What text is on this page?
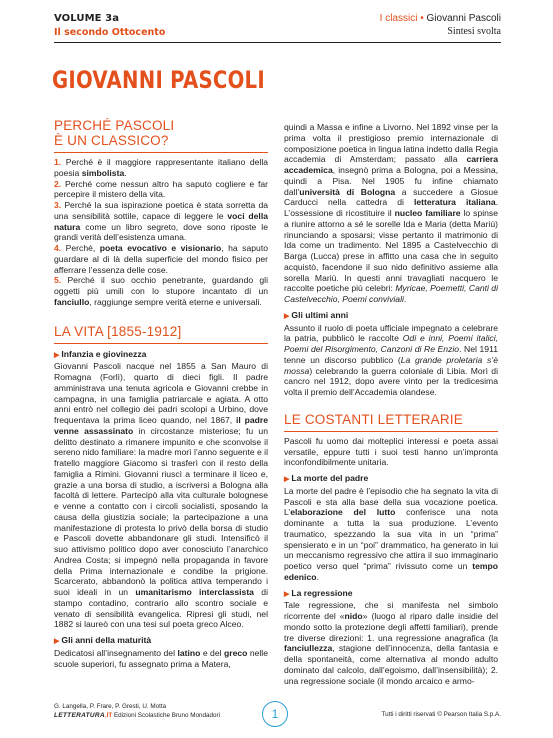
VOLUME 3a
Il secondo Ottocento
I classici • Giovanni Pascoli
Sintesi svolta
GIOVANNI PASCOLI
PERCHÉ PASCOLI
È UN CLASSICO?

1. Perché è il maggiore rappresentante italiano della poesia simbolista.

2. Perché come nessun altro ha saputo cogliere e far percepire il mistero della vita.

3. Perché la sua ispirazione poetica è stata sorretta da una sensibilità sottile, capace di leggere le voci della natura come un libro segreto, dove sono riposte le grandi verità dell’esistenza umana.

4. Perché, poeta evocativo e visionario, ha saputo guardare al di là della superficie del mondo fisico per afferrare l’essenza delle cose.

5. Perché il suo occhio penetrante, guardando gli oggetti più umili con lo stupore incantato di un fanciullo, raggiunge sempre verità eterne e universali.

LA VITA [1855-1912]
▶ Infanzia e giovinezza

Giovanni Pascoli nacque nel 1855 a San Mauro di Romagna (Forlì), quarto di dieci figli. Il padre amministrava una tenuta agricola e Giovanni crebbe in campagna, in una famiglia patriarcale e agiata. A otto anni entrò nel collegio dei padri scolopi a Urbino, dove frequentava la prima liceo quando, nel 1867, il padre venne assassinato in circostanze misteriose; fu un delitto destinato a rimanere impunito e che sconvolse il sereno nido familiare: la madre morì l’anno seguente e il fratello maggiore Giacomo si trasferì con il resto della famiglia a Rimini. Giovanni riuscì a terminare il liceo e, grazie a una borsa di studio, a iscriversi a Bologna alla facoltà di lettere. Partecipò alla vita culturale bolognese e venne a contatto con i circoli socialisti, sposando la causa della giustizia sociale; la partecipazione a una manifestazione di protesta lo privò della borsa di studio e Pascoli dovette abbandonare gli studi. Intensificò il suo attivismo politico dopo aver conosciuto l’anarchico Andrea Costa; si impegnò nella propaganda in favore della Prima internazionale e condibe la prigione. Scarcerato, abbandonò la politica attiva temperando i suoi ideali in un umanitarismo interclassista di stampo contadino, contrario allo scontro sociale e venato di sensibilità evangelica. Ripresi gli studi, nel 1882 si laureò con una tesi sul poeta greco Alceo.

▶ Gli anni della maturità

Dedicatosi all’insegnamento del latino e del greco nelle scuole superiori, fu assegnato prima a Matera,

quindi a Massa e infine a Livorno. Nel 1892 vinse per la prima volta il prestigioso premio internazionale di composizione poetica in lingua latina indetto dalla Regia accademia di Amsterdam; passato alla carriera accademica, insegnò prima a Bologna, poi a Messina, quindi a Pisa. Nel 1905 fu infine chiamato dall’università di Bologna a succedere a Giosue Carducci nella cattedra di letteratura italiana. L’ossessione di ricostituire il nucleo familiare lo spinse a riunire attorno a sé le sorelle Ida e Maria (detta Mariù) rinunciando a sposarsi; visse pertanto il matrimonio di Ida come un tradimento. Nel 1895 a Castelvecchio di Barga (Lucca) prese in affitto una casa che in seguito acquistò, facendone il suo nido definitivo assieme alla sorella Mariù. In questi anni travagliati nacquero le raccolte poetiche più celebri: Myricae, Poemetti, Canti di Castelvecchio, Poemi conviviali.

▶ Gli ultimi anni

Assunto il ruolo di poeta ufficiale impegnato a celebrare la patria, pubblicò le raccolte Odi e inni, Poemi italici, Poemi del Risorgimento, Canzoni di Re Enzio. Nel 1911 tenne un discorso pubblico (La grande proletaria s’è mossa) celebrando la guerra coloniale di Libia. Morì di cancro nel 1912, dopo avere vinto per la tredicesima volta il premio dell’Accademia olandese.

LE COSTANTI LETTERARIE

Pascoli fu uomo dai molteplici interessi e poeta assai versatile, eppure tutti i suoi testi hanno un’impronta inconfondibilmente unitaria.

▶ La morte del padre

La morte del padre è l’episodio che ha segnato la vita di Pascoli e sta alla base della sua vocazione poetica. L’elaborazione del lutto conferisce una nota dominante a tutta la sua produzione. L’evento traumatico, spezzando la sua vita in un “prima” spensierato e in un “poi” drammatico, ha generato in lui un meccanismo regressivo che attira il suo immaginario poetico verso quel “prima” rivissuto come un tempo edenico.

▶ La regressione

Tale regressione, che si manifesta nel simbolo ricorrente del «nido» (luogo al riparo dalle insidie del mondo sotto la protezione degli affetti familiari), prende tre diverse direzioni: 1. una regressione anagrafica (la fanciullezza, stagione dell’innocenza, della fantasia e della spontaneità, come alternativa al mondo adulto dominato dal calcolo, dall’egoismo, dall’insensibilità); 2. una regressione sociale (il mondo arcaico e armo-

G. Langella, P. Frare, P. Gresti, U. Motta
LETTERATURA.IT Edizioni Scolastiche Bruno Mondadori	1	Tutti i diritti riservati © Pearson Italia S.p.A.
